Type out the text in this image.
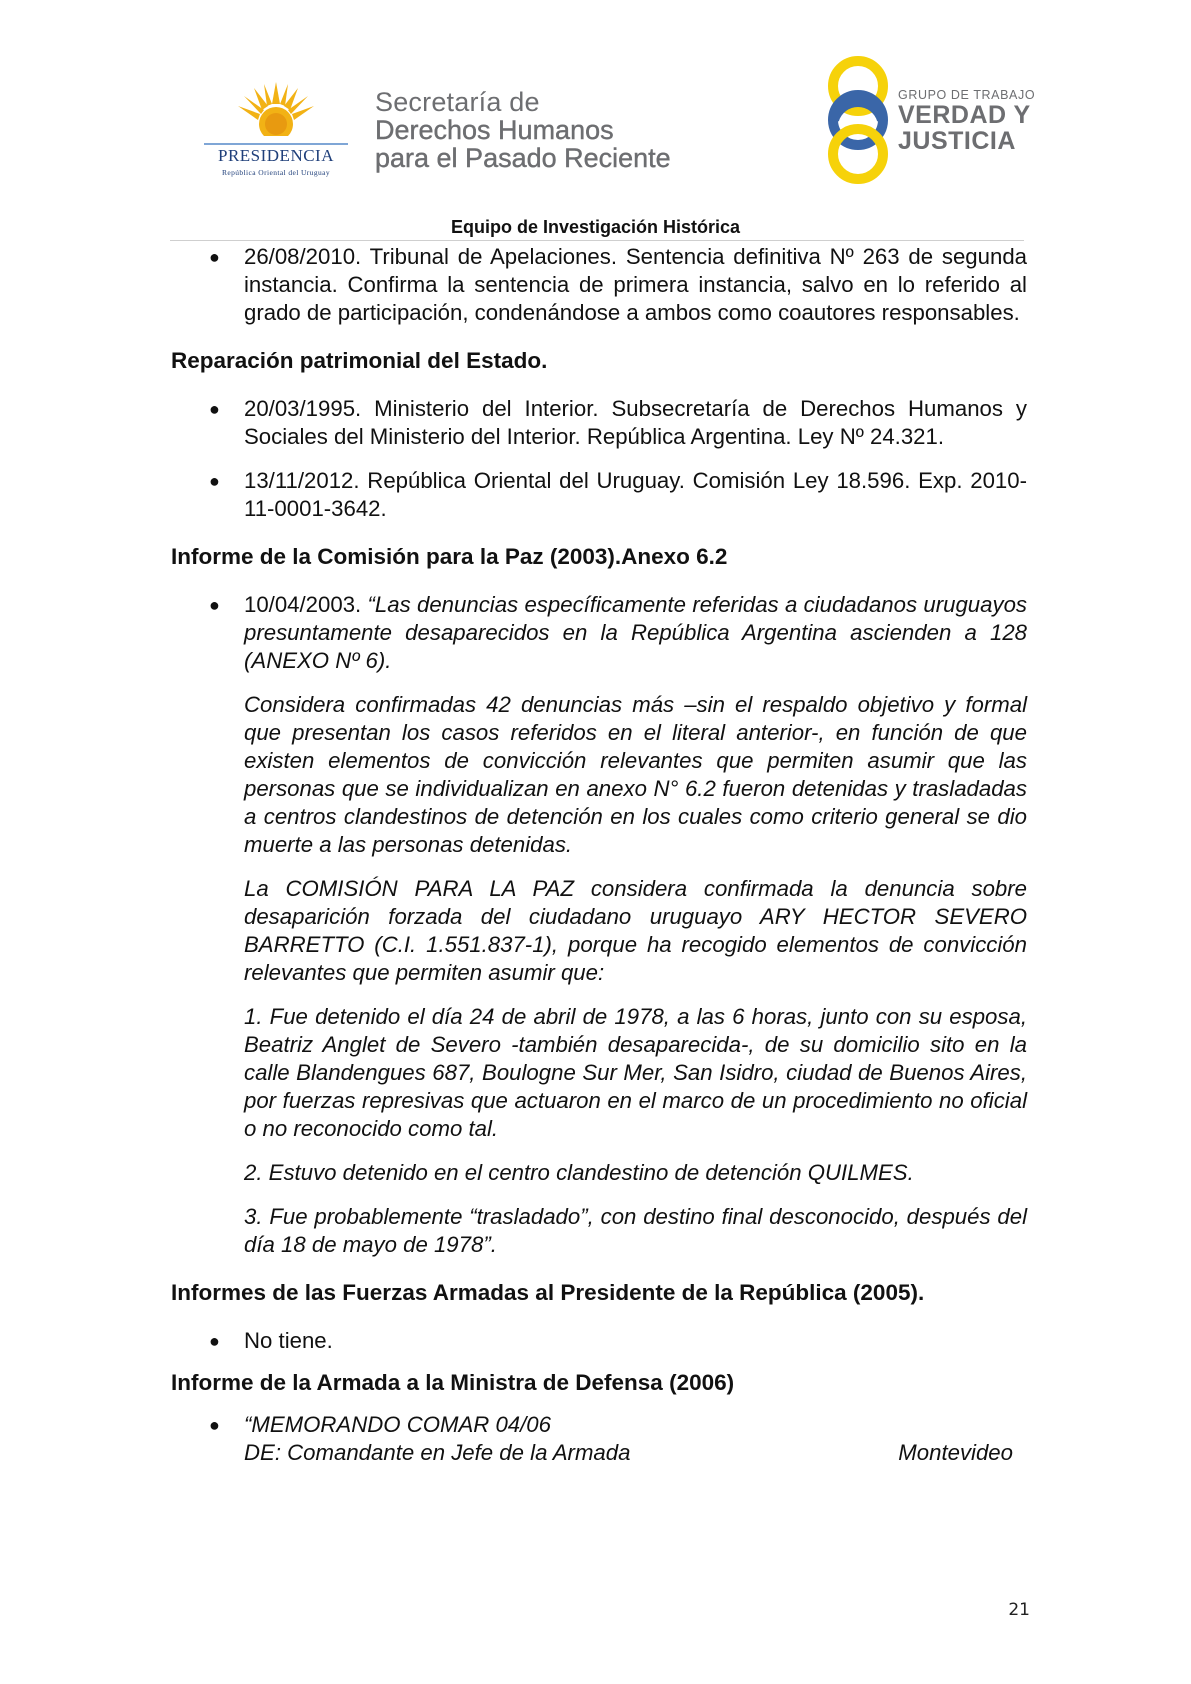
PRESIDENCIA
República Oriental del Uruguay
Secretaría de
Derechos Humanos
para el Pasado Reciente
GRUPO DE TRABAJO
VERDAD Y
JUSTICIA
Equipo de Investigación Histórica

● 26/08/2010. Tribunal de Apelaciones. Sentencia definitiva Nº 263 de segunda instancia. Confirma la sentencia de primera instancia, salvo en lo referido al grado de participación, condenándose a ambos como coautores responsables.

Reparación patrimonial del Estado.

● 20/03/1995. Ministerio del Interior. Subsecretaría de Derechos Humanos y Sociales del Ministerio del Interior. República Argentina. Ley Nº 24.321.

● 13/11/2012. República Oriental del Uruguay. Comisión Ley 18.596. Exp. 2010-11-0001-3642.

Informe de la Comisión para la Paz (2003).Anexo 6.2

● 10/04/2003. “Las denuncias específicamente referidas a ciudadanos uruguayos presuntamente desaparecidos en la República Argentina ascienden a 128 (ANEXO Nº 6).

Considera confirmadas 42 denuncias más –sin el respaldo objetivo y formal que presentan los casos referidos en el literal anterior-, en función de que existen elementos de convicción relevantes que permiten asumir que las personas que se individualizan en anexo N° 6.2 fueron detenidas y trasladadas a centros clandestinos de detención en los cuales como criterio general se dio muerte a las personas detenidas.

La COMISIÓN PARA LA PAZ considera confirmada la denuncia sobre desaparición forzada del ciudadano uruguayo ARY HECTOR SEVERO BARRETTO (C.I. 1.551.837-1), porque ha recogido elementos de convicción relevantes que permiten asumir que:

1. Fue detenido el día 24 de abril de 1978, a las 6 horas, junto con su esposa, Beatriz Anglet de Severo -también desaparecida-, de su domicilio sito en la calle Blandengues 687, Boulogne Sur Mer, San Isidro, ciudad de Buenos Aires, por fuerzas represivas que actuaron en el marco de un procedimiento no oficial o no reconocido como tal.

2. Estuvo detenido en el centro clandestino de detención QUILMES.

3. Fue probablemente “trasladado”, con destino final desconocido, después del día 18 de mayo de 1978”.

Informes de las Fuerzas Armadas al Presidente de la República (2005).

● No tiene.

Informe de la Armada a la Ministra de Defensa (2006)

● “MEMORANDO COMAR 04/06
DE: Comandante en Jefe de la Armada	Montevideo
21
